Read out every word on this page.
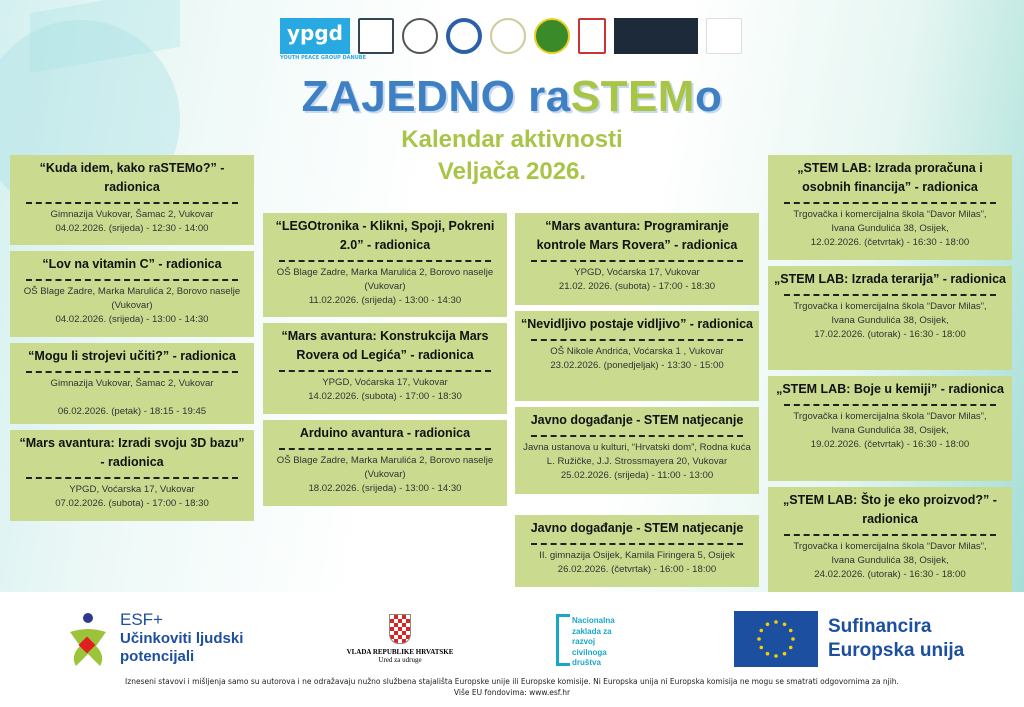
ypgd
YOUTH PEACE GROUP DANUBE
ZAJEDNO raSTEMo
Kalendar aktivnosti
Veljača 2026.
“Kuda idem, kako raSTEMo?” - radionica
Gimnazija Vukovar, Šamac 2, Vukovar
04.02.2026. (srijeda) - 12:30 - 14:00
“Lov na vitamin C” - radionica
OŠ Blage Zadre, Marka Marulića 2, Borovo naselje (Vukovar)
04.02.2026. (srijeda) - 13:00 - 14:30
“Mogu li strojevi učiti?” - radionica
Gimnazija Vukovar, Šamac 2, Vukovar

06.02.2026. (petak) - 18:15 - 19:45
“Mars avantura: Izradi svoju 3D bazu” - radionica
YPGD, Voćarska 17, Vukovar
07.02.2026. (subota) - 17:00 - 18:30
“LEGOtronika - Klikni, Spoji, Pokreni 2.0” - radionica
OŠ Blage Zadre, Marka Marulića 2, Borovo naselje (Vukovar)
11.02.2026. (srijeda) - 13:00 - 14:30
“Mars avantura: Konstrukcija Mars Rovera od Legića” - radionica
YPGD, Voćarska 17, Vukovar
14.02.2026. (subota) - 17:00 - 18:30
Arduino avantura - radionica
OŠ Blage Zadre, Marka Marulića 2, Borovo naselje (Vukovar)
18.02.2026. (srijeda) - 13:00 - 14:30
“Mars avantura: Programiranje kontrole Mars Rovera” - radionica
YPGD, Voćarska 17, Vukovar
21.02. 2026. (subota) - 17:00 - 18:30
“Nevidljivo postaje vidljivo” - radionica
OŠ Nikole Andrića, Voćarska 1 , Vukovar
23.02.2026. (ponedjeljak) - 13:30 - 15:00
Javno događanje - STEM natjecanje
Javna ustanova u kulturi, “Hrvatski dom”, Rodna kuća L. Ružičke, J.J. Strossmayera 20, Vukovar
25.02.2026. (srijeda) - 11:00 - 13:00
Javno događanje - STEM natjecanje
II. gimnazija Osijek, Kamila Firingera 5, Osijek
26.02.2026. (četvrtak) - 16:00 - 18:00
„STEM LAB: Izrada proračuna i osobnih financija” - radionica
Trgovačka i komercijalna škola “Davor Milas”,
Ivana Gundulića 38, Osijek,
12.02.2026. (četvrtak) - 16:30 - 18:00
„STEM LAB: Izrada terarija” - radionica
Trgovačka i komercijalna škola “Davor Milas”,
Ivana Gundulića 38, Osijek,
17.02.2026. (utorak) - 16:30 - 18:00
„STEM LAB: Boje u kemiji” - radionica
Trgovačka i komercijalna škola “Davor Milas”,
Ivana Gundulića 38, Osijek,
19.02.2026. (četvrtak) - 16:30 - 18:00
„STEM LAB: Što je eko proizvod?” - radionica
Trgovačka i komercijalna škola “Davor Milas”,
Ivana Gundulića 38, Osijek,
24.02.2026. (utorak) - 16:30 - 18:00
ESF+
Učinkoviti ljudski
potencijali	VLADA REPUBLIKE HRVATSKE
Ured za udruge
Nacionalna
zaklada za
razvoj
civilnoga
društva
Sufinancira
Europska unija
Izneseni stavovi i mišljenja samo su autorova i ne odražavaju nužno službena stajališta Europske unije ili Europske komisije. Ni Europska unija ni Europska komisija ne mogu se smatrati odgovornima za njih.
Više EU fondovima: www.esf.hr
